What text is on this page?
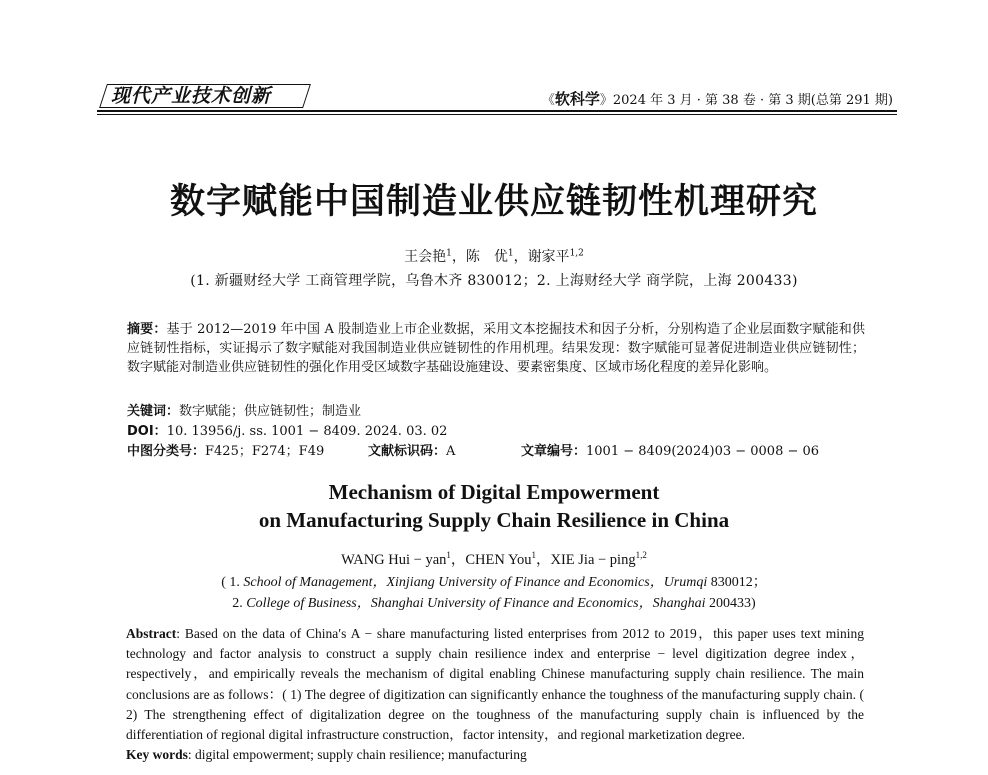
现代产业技术创新	《软科学》2024 年 3 月 · 第 38 卷 · 第 3 期(总第 291 期)
数字赋能中国制造业供应链韧性机理研究
王会艳$^1$，陈　优$^1$，谢家平$^{1,2}$
(1. 新疆财经大学 工商管理学院，乌鲁木齐 830012；2. 上海财经大学 商学院，上海 200433)
摘要：基于 2012—2019 年中国 A 股制造业上市企业数据，采用文本挖掘技术和因子分析，分别构造了企业层面数字赋能和供应链韧性指标，实证揭示了数字赋能对我国制造业供应链韧性的作用机理。结果发现：数字赋能可显著促进制造业供应链韧性；数字赋能对制造业供应链韧性的强化作用受区域数字基础设施建设、要素密集度、区域市场化程度的差异化影响。
关键词：数字赋能；供应链韧性；制造业
DOI：10. 13956/j. ss. 1001 − 8409. 2024. 03. 02
中图分类号：F425；F274；F49	文献标识码：A	文章编号：1001 − 8409(2024)03 − 0008 − 06
Mechanism of Digital Empowerment
on Manufacturing Supply Chain Resilience in China
WANG Hui − yan$^1$，CHEN You$^1$，XIE Jia − ping$^{1,2}$
( 1. School of Management，Xinjiang University of Finance and Economics，Urumqi 830012；
2. College of Business，Shanghai University of Finance and Economics，Shanghai 200433)
Abstract: Based on the data of China′s A − share manufacturing listed enterprises from 2012 to 2019，this paper uses text mining technology and factor analysis to construct a supply chain resilience index and enterprise − level digitization degree index，respectively，and empirically reveals the mechanism of digital enabling Chinese manufacturing supply chain resilience. The main conclusions are as follows：( 1) The degree of digitization can significantly enhance the toughness of the manufacturing supply chain. ( 2) The strengthening effect of digitalization degree on the toughness of the manufacturing supply chain is influenced by the differentiation of regional digital infrastructure construction，factor intensity，and regional marketization degree.
Key words: digital empowerment; supply chain resilience; manufacturing
